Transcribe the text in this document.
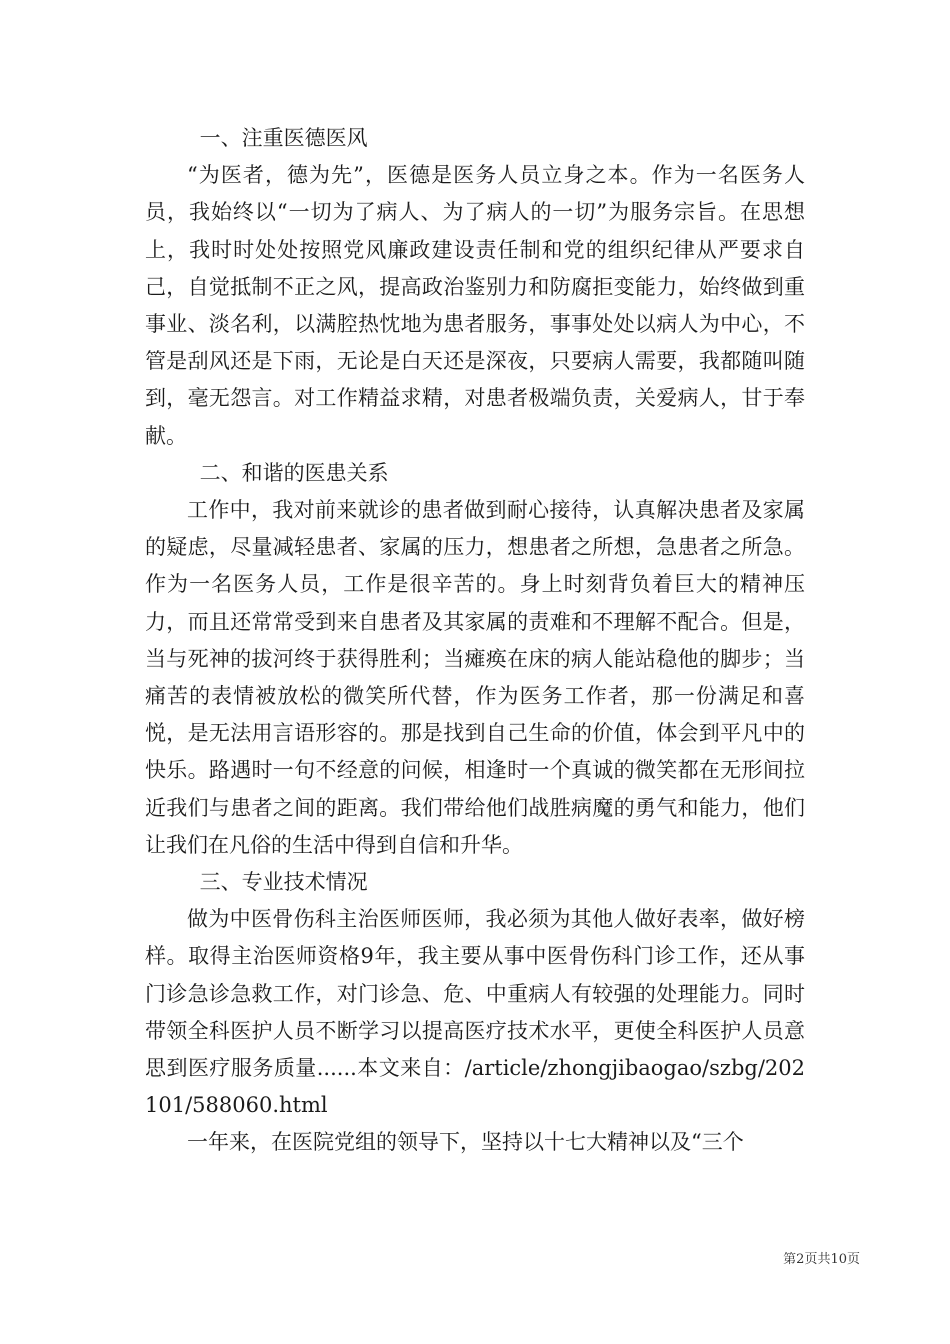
一、注重医德医风

“为医者，德为先”，医德是医务人员立身之本。作为一名医务人员，我始终以“一切为了病人、为了病人的一切”为服务宗旨。在思想上，我时时处处按照党风廉政建设责任制和党的组织纪律从严要求自己，自觉抵制不正之风，提高政治鉴别力和防腐拒变能力，始终做到重事业、淡名利，以满腔热忱地为患者服务，事事处处以病人为中心，不管是刮风还是下雨，无论是白天还是深夜，只要病人需要，我都随叫随到，毫无怨言。对工作精益求精，对患者极端负责，关爱病人，甘于奉献。

二、和谐的医患关系

工作中，我对前来就诊的患者做到耐心接待，认真解决患者及家属的疑虑，尽量减轻患者、家属的压力，想患者之所想，急患者之所急。作为一名医务人员，工作是很辛苦的。身上时刻背负着巨大的精神压力，而且还常常受到来自患者及其家属的责难和不理解不配合。但是，当与死神的拔河终于获得胜利；当瘫痪在床的病人能站稳他的脚步；当痛苦的表情被放松的微笑所代替，作为医务工作者，那一份满足和喜悦，是无法用言语形容的。那是找到自己生命的价值，体会到平凡中的快乐。路遇时一句不经意的问候，相逢时一个真诚的微笑都在无形间拉近我们与患者之间的距离。我们带给他们战胜病魔的勇气和能力，他们让我们在凡俗的生活中得到自信和升华。

三、专业技术情况

做为中医骨伤科主治医师医师，我必须为其他人做好表率，做好榜样。取得主治医师资格9年，我主要从事中医骨伤科门诊工作，还从事门诊急诊急救工作，对门诊急、危、中重病人有较强的处理能力。同时带领全科医护人员不断学习以提高医疗技术水平，更使全科医护人员意思到医疗服务质量......本文来自：/article/zhongjibaogao/szbg/202101/588060.html

一年来，在医院党组的领导下，坚持以十七大精神以及“三个

第2页共10页
